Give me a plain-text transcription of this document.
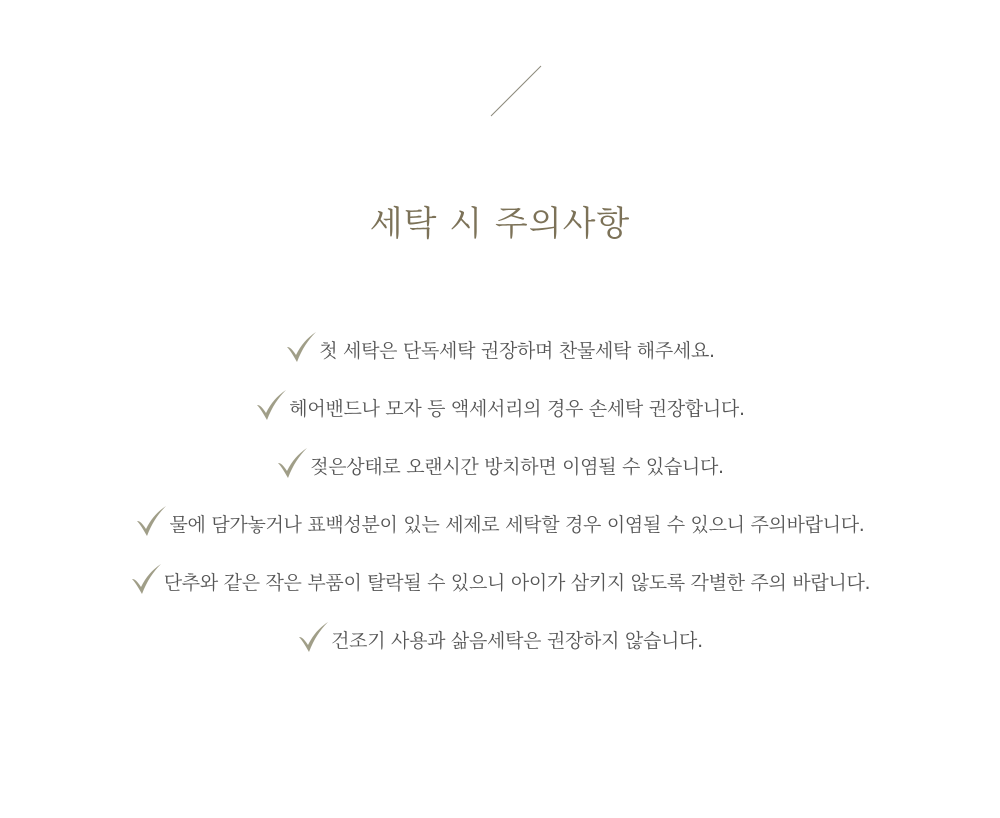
세탁 시 주의사항
첫 세탁은 단독세탁 권장하며 찬물세탁 해주세요.
헤어밴드나 모자 등 액세서리의 경우 손세탁 권장합니다.
젖은상태로 오랜시간 방치하면 이염될 수 있습니다.
물에 담가놓거나 표백성분이 있는 세제로 세탁할 경우 이염될 수 있으니 주의바랍니다.
단추와 같은 작은 부품이 탈락될 수 있으니 아이가 삼키지 않도록 각별한 주의 바랍니다.
건조기 사용과 삶음세탁은 권장하지 않습니다.
